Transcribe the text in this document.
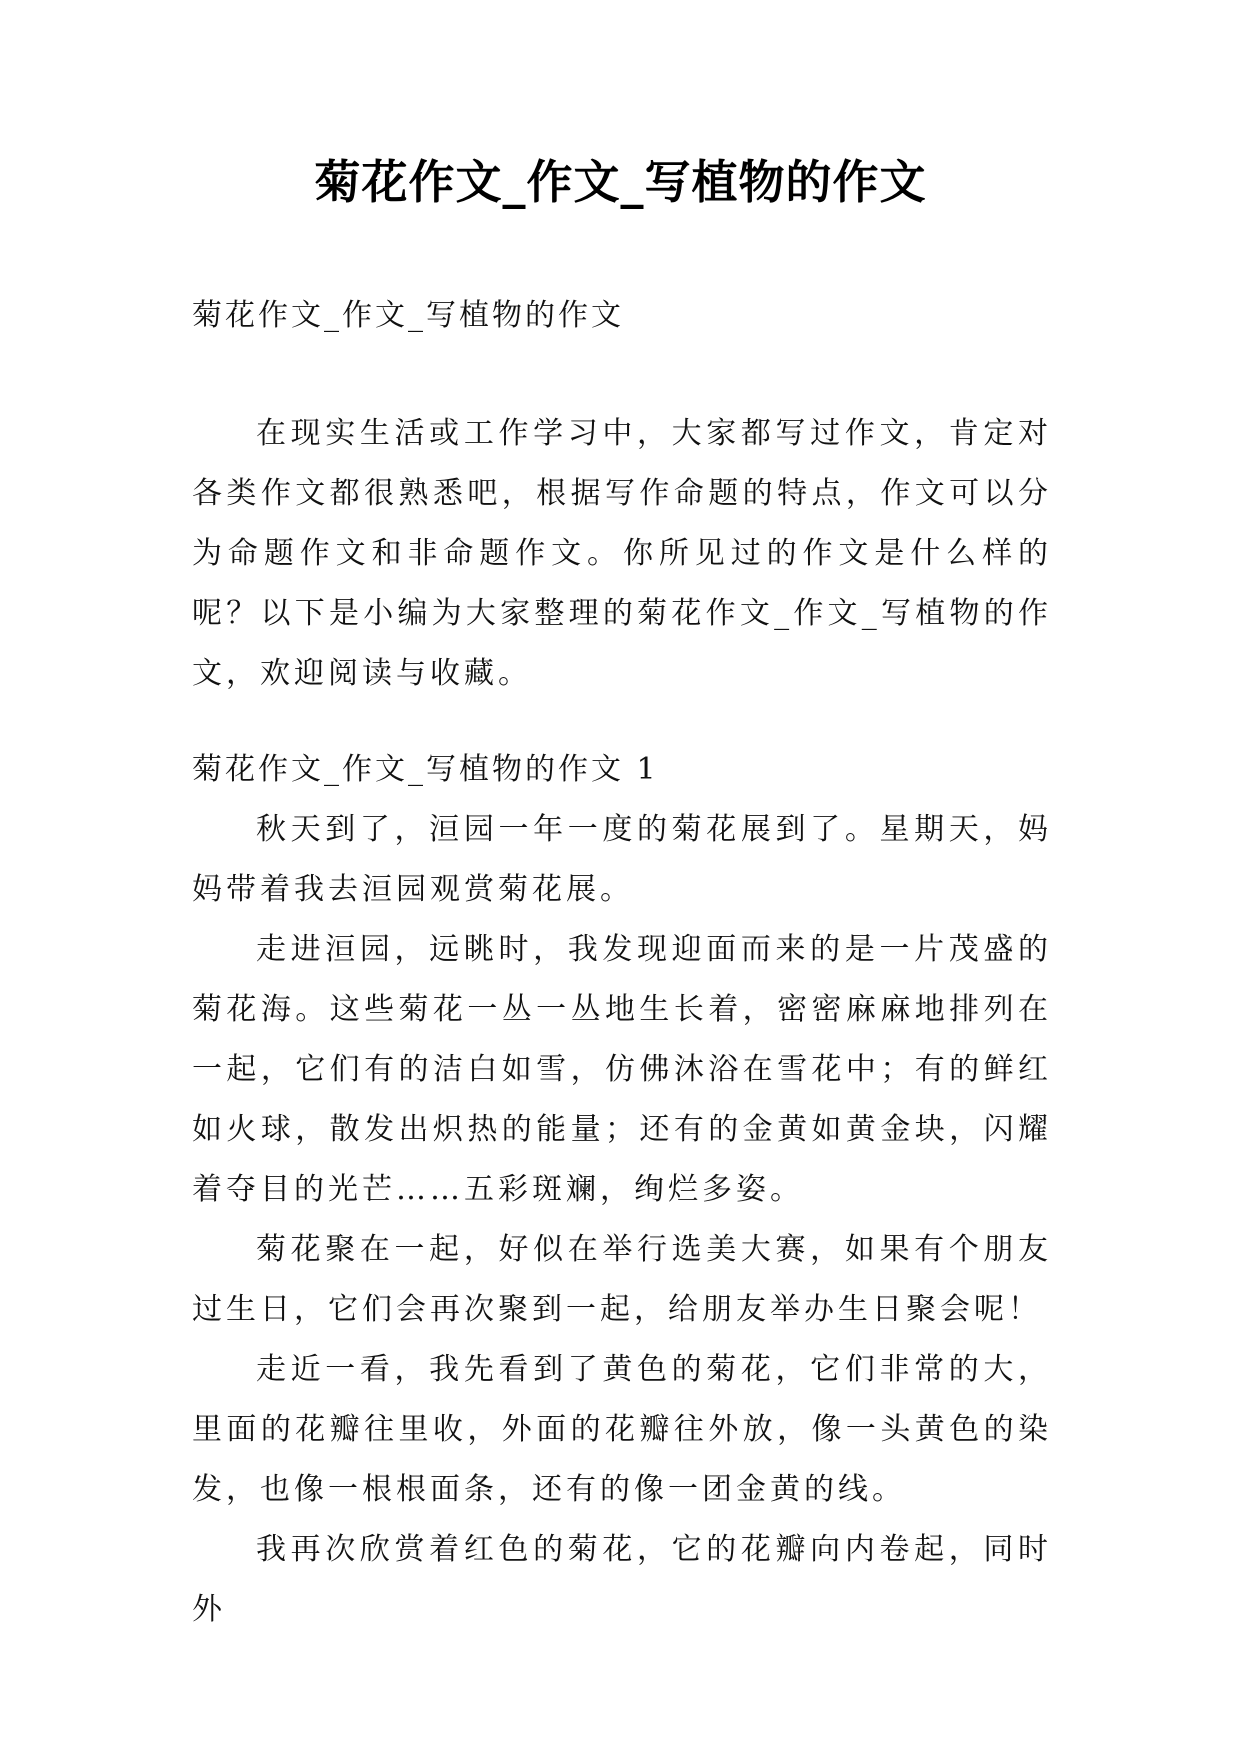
菊花作文_作文_写植物的作文
菊花作文_作文_写植物的作文

在现实生活或工作学习中，大家都写过作文，肯定对各类作文都很熟悉吧，根据写作命题的特点，作文可以分为命题作文和非命题作文。你所见过的作文是什么样的呢？以下是小编为大家整理的菊花作文_作文_写植物的作文，欢迎阅读与收藏。

菊花作文_作文_写植物的作文 1

秋天到了，洹园一年一度的菊花展到了。星期天，妈妈带着我去洹园观赏菊花展。

走进洹园，远眺时，我发现迎面而来的是一片茂盛的菊花海。这些菊花一丛一丛地生长着，密密麻麻地排列在一起，它们有的洁白如雪，仿佛沐浴在雪花中；有的鲜红如火球，散发出炽热的能量；还有的金黄如黄金块，闪耀着夺目的光芒……五彩斑斓，绚烂多姿。

菊花聚在一起，好似在举行选美大赛，如果有个朋友过生日，它们会再次聚到一起，给朋友举办生日聚会呢！

走近一看，我先看到了黄色的菊花，它们非常的大，里面的花瓣往里收，外面的花瓣往外放，像一头黄色的染发，也像一根根面条，还有的像一团金黄的线。

我再次欣赏着红色的菊花，它的花瓣向内卷起，同时外
